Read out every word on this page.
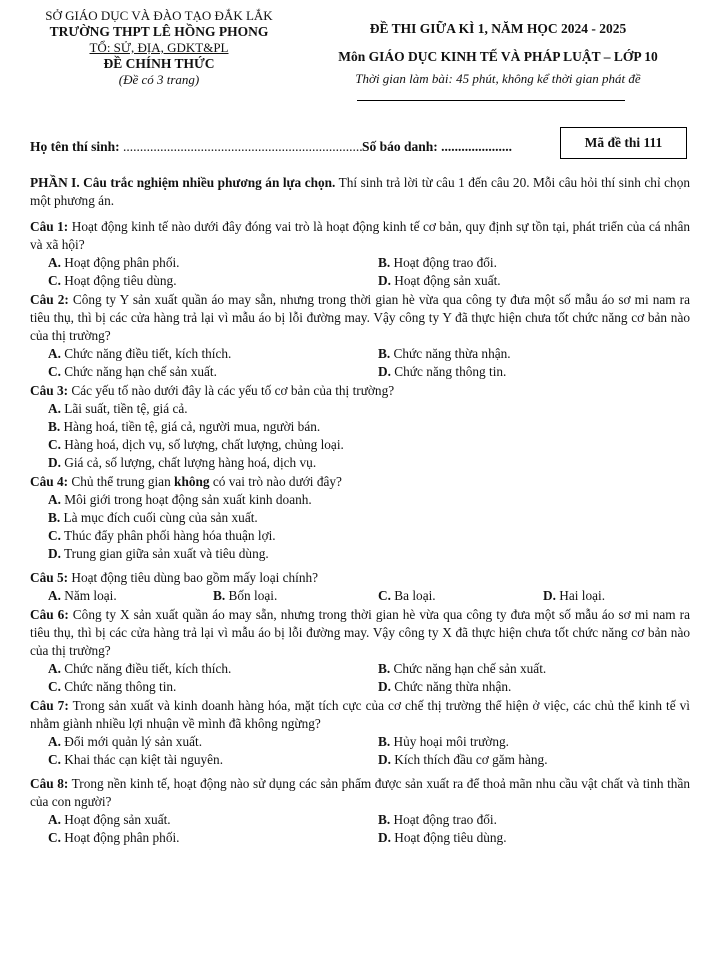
SỞ GIÁO DỤC VÀ ĐÀO TẠO ĐẮK LẮK
TRƯỜNG THPT LÊ HỒNG PHONG
TỔ: SỬ, ĐỊA, GDKT&PL
ĐỀ CHÍNH THỨC
(Đề có 3 trang)
ĐỀ THI GIỮA KÌ 1, NĂM HỌC 2024 - 2025
Môn GIÁO DỤC KINH TẾ VÀ PHÁP LUẬT – LỚP 10
Thời gian làm bài: 45 phút, không kể thời gian phát đề
Họ tên thí sinh: ....................................................................... Số báo danh: .....................	Mã đề thi 111

PHẦN I. Câu trắc nghiệm nhiều phương án lựa chọn. Thí sinh trả lời từ câu 1 đến câu 20. Mỗi câu hỏi thí sinh chỉ chọn một phương án.

Câu 1: Hoạt động kinh tế nào dưới đây đóng vai trò là hoạt động kinh tế cơ bản, quy định sự tồn tại, phát triển của cá nhân và xã hội?

A. Hoạt động phân phối.	B. Hoạt động trao đổi.
C. Hoạt động tiêu dùng.	D. Hoạt động sản xuất.

Câu 2: Công ty Y sản xuất quần áo may sẵn, nhưng trong thời gian hè vừa qua công ty đưa một số mẫu áo sơ mi nam ra tiêu thụ, thì bị các cửa hàng trả lại vì mẫu áo bị lỗi đường may. Vậy công ty Y đã thực hiện chưa tốt chức năng cơ bản nào của thị trường?

A. Chức năng điều tiết, kích thích.	B. Chức năng thừa nhận.
C. Chức năng hạn chế sản xuất.	D. Chức năng thông tin.

Câu 3: Các yếu tố nào dưới đây là các yếu tố cơ bản của thị trường?

A. Lãi suất, tiền tệ, giá cả.
B. Hàng hoá, tiền tệ, giá cả, người mua, người bán.
C. Hàng hoá, dịch vụ, số lượng, chất lượng, chủng loại.
D. Giá cả, số lượng, chất lượng hàng hoá, dịch vụ.

Câu 4: Chủ thể trung gian không có vai trò nào dưới đây?

A. Môi giới trong hoạt động sản xuất kinh doanh.
B. Là mục đích cuối cùng của sản xuất.
C. Thúc đẩy phân phối hàng hóa thuận lợi.
D. Trung gian giữa sản xuất và tiêu dùng.

Câu 5: Hoạt động tiêu dùng bao gồm mấy loại chính?

A. Năm loại.	B. Bốn loại.	C. Ba loại.	D. Hai loại.

Câu 6: Công ty X sản xuất quần áo may sẵn, nhưng trong thời gian hè vừa qua công ty đưa một số mẫu áo sơ mi nam ra tiêu thụ, thì bị các cửa hàng trả lại vì mẫu áo bị lỗi đường may. Vậy công ty X đã thực hiện chưa tốt chức năng cơ bản nào của thị trường?

A. Chức năng điều tiết, kích thích.	B. Chức năng hạn chế sản xuất.
C. Chức năng thông tin.	D. Chức năng thừa nhận.

Câu 7: Trong sản xuất và kinh doanh hàng hóa, mặt tích cực của cơ chế thị trường thể hiện ở việc, các chủ thể kinh tế vì nhằm giành nhiều lợi nhuận về mình đã không ngừng?

A. Đổi mới quản lý sản xuất.	B. Hủy hoại môi trường.
C. Khai thác cạn kiệt tài nguyên.	D. Kích thích đầu cơ găm hàng.

Câu 8: Trong nền kinh tế, hoạt động nào sử dụng các sản phẩm được sản xuất ra để thoả mãn nhu cầu vật chất và tinh thần của con người?

A. Hoạt động sản xuất.	B. Hoạt động trao đổi.
C. Hoạt động phân phối.	D. Hoạt động tiêu dùng.
